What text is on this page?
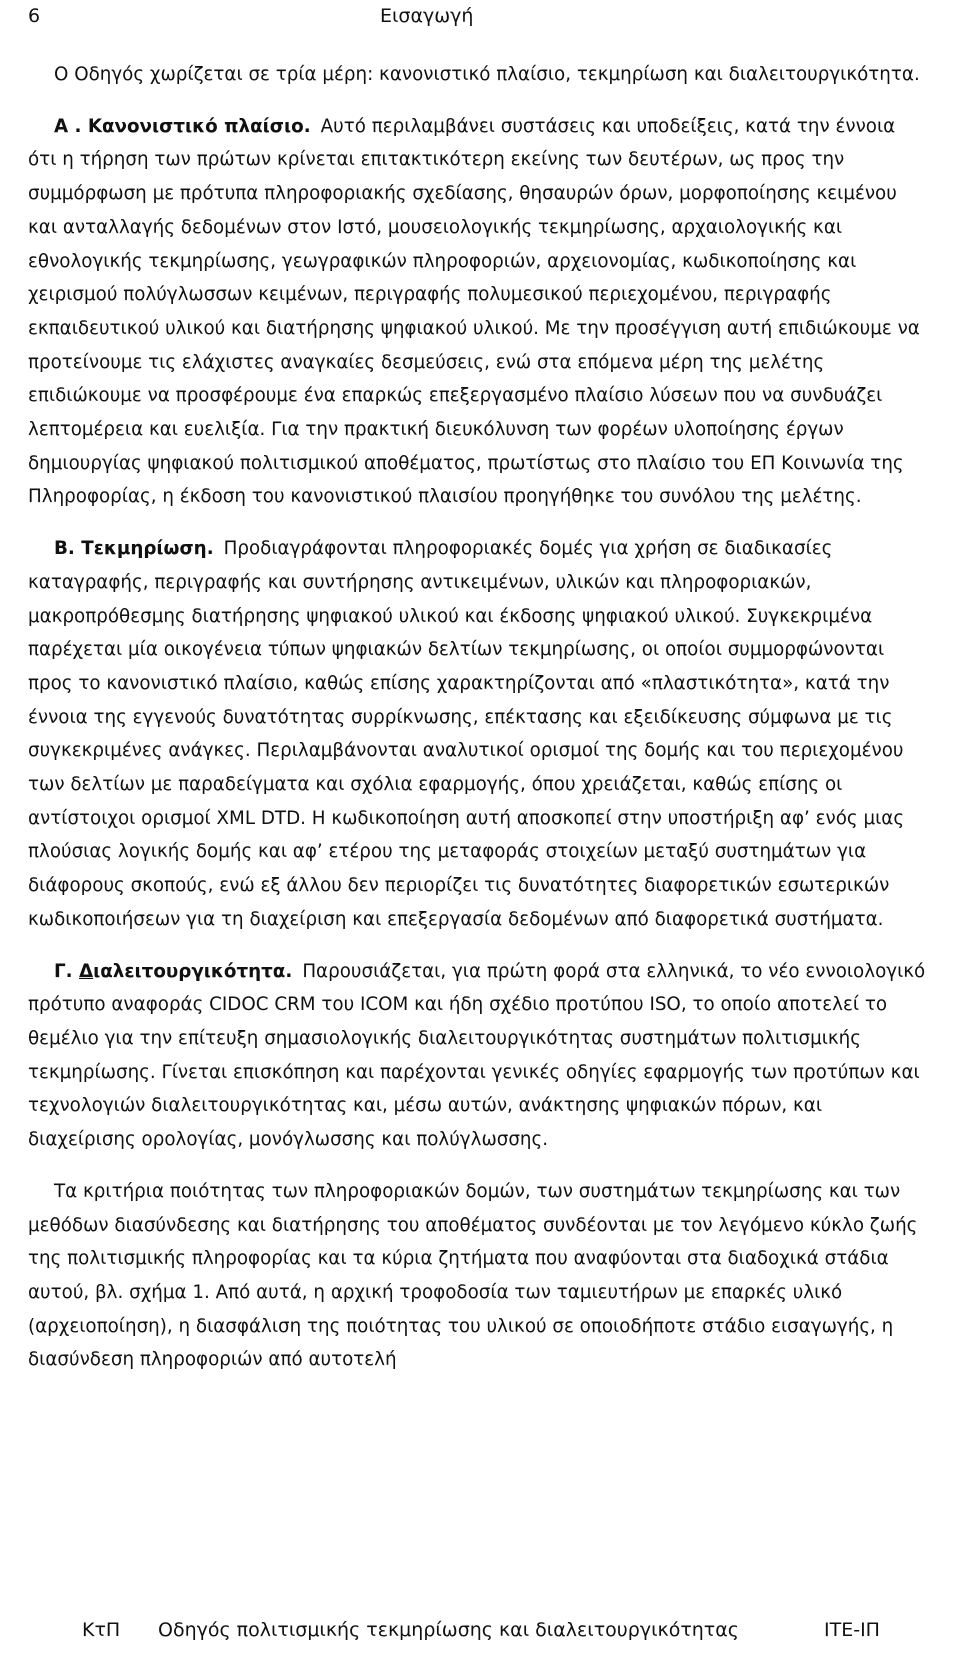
6	Εισαγωγή

Ο Οδηγός χωρίζεται σε τρία μέρη: κανονιστικό πλαίσιο, τεκμηρίωση και διαλειτουργικότητα.

Α . Κανονιστικό πλαίσιο. Αυτό περιλαμβάνει συστάσεις και υποδείξεις, κατά την έννοια ότι η τήρηση των πρώτων κρίνεται επιτακτικότερη εκείνης των δευτέρων, ως προς την συμμόρφωση με πρότυπα πληροφοριακής σχεδίασης, θησαυρών όρων, μορφοποίησης κειμένου και ανταλλαγής δεδομένων στον Ιστό, μουσειολογικής τεκμηρίωσης, αρχαιολογικής και εθνολογικής τεκμηρίωσης, γεωγραφικών πληροφοριών, αρχειονομίας, κωδικοποίησης και χειρισμού πολύγλωσσων κειμένων, περιγραφής πολυμεσικού περιεχομένου, περιγραφής εκπαιδευτικού υλικού και διατήρησης ψηφιακού υλικού. Με την προσέγγιση αυτή επιδιώκουμε να προτείνουμε τις ελάχιστες αναγκαίες δεσμεύσεις, ενώ στα επόμενα μέρη της μελέτης επιδιώκουμε να προσφέρουμε ένα επαρκώς επεξεργασμένο πλαίσιο λύσεων που να συνδυάζει λεπτομέρεια και ευελιξία. Για την πρακτική διευκόλυνση των φορέων υλοποίησης έργων δημιουργίας ψηφιακού πολιτισμικού αποθέματος, πρωτίστως στο πλαίσιο του ΕΠ Κοινωνία της Πληροφορίας, η έκδοση του κανονιστικού πλαισίου προηγήθηκε του συνόλου της μελέτης.

Β. Τεκμηρίωση. Προδιαγράφονται πληροφοριακές δομές για χρήση σε διαδικασίες καταγραφής, περιγραφής και συντήρησης αντικειμένων, υλικών και πληροφοριακών, μακροπρόθεσμης διατήρησης ψηφιακού υλικού και έκδοσης ψηφιακού υλικού. Συγκεκριμένα παρέχεται μία οικογένεια τύπων ψηφιακών δελτίων τεκμηρίωσης, οι οποίοι συμμορφώνονται προς το κανονιστικό πλαίσιο, καθώς επίσης χαρακτηρίζονται από «πλαστικότητα», κατά την έννοια της εγγενούς δυνατότητας συρρίκνωσης, επέκτασης και εξειδίκευσης σύμφωνα με τις συγκεκριμένες ανάγκες. Περιλαμβάνονται αναλυτικοί ορισμοί της δομής και του περιεχομένου των δελτίων με παραδείγματα και σχόλια εφαρμογής, όπου χρειάζεται, καθώς επίσης οι αντίστοιχοι ορισμοί XML DTD. Η κωδικοποίηση αυτή αποσκοπεί στην υποστήριξη αφ’ ενός μιας πλούσιας λογικής δομής και αφ’ ετέρου της μεταφοράς στοιχείων μεταξύ συστημάτων για διάφορους σκοπούς, ενώ εξ άλλου δεν περιορίζει τις δυνατότητες διαφορετικών εσωτερικών κωδικοποιήσεων για τη διαχείριση και επεξεργασία δεδομένων από διαφορετικά συστήματα.

Γ. Διαλειτουργικότητα. Παρουσιάζεται, για πρώτη φορά στα ελληνικά, το νέο εννοιολογικό πρότυπο αναφοράς CIDOC CRM του ICOM και ήδη σχέδιο προτύπου ISO, το οποίο αποτελεί το θεμέλιο για την επίτευξη σημασιολογικής διαλειτουργικότητας συστημάτων πολιτισμικής τεκμηρίωσης. Γίνεται επισκόπηση και παρέχονται γενικές οδηγίες εφαρμογής των προτύπων και τεχνολογιών διαλειτουργικότητας και, μέσω αυτών, ανάκτησης ψηφιακών πόρων, και διαχείρισης ορολογίας, μονόγλωσσης και πολύγλωσσης.

Τα κριτήρια ποιότητας των πληροφοριακών δομών, των συστημάτων τεκμηρίωσης και των μεθόδων διασύνδεσης και διατήρησης του αποθέματος συνδέονται με τον λεγόμενο κύκλο ζωής της πολιτισμικής πληροφορίας και τα κύρια ζητήματα που αναφύονται στα διαδοχικά στάδια αυτού, βλ. σχήμα 1. Από αυτά, η αρχική τροφοδοσία των ταμιευτήρων με επαρκές υλικό (αρχειοποίηση), η διασφάλιση της ποιότητας του υλικού σε οποιοδήποτε στάδιο εισαγωγής, η διασύνδεση πληροφοριών από αυτοτελή

ΚτΠ Οδηγός πολιτισμικής τεκμηρίωσης και διαλειτουργικότητας	ΙΤΕ-ΙΠ
